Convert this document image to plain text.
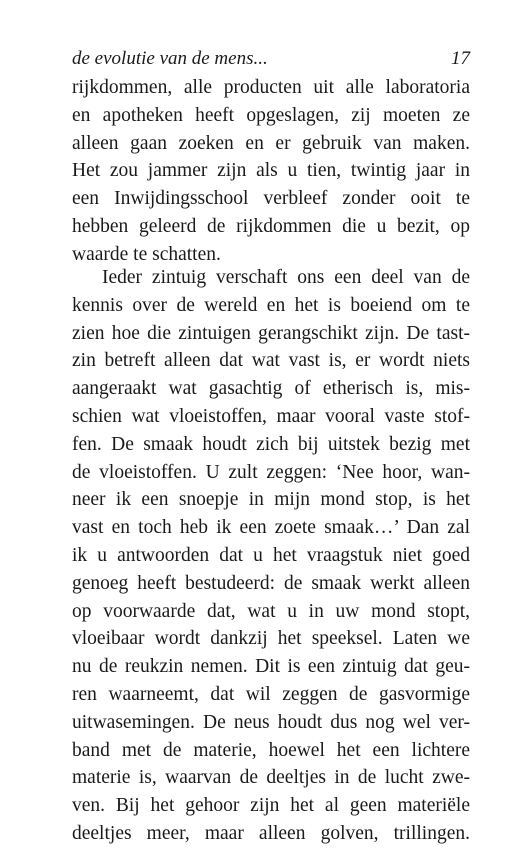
de evolutie van de mens...	17
rijkdommen, alle producten uit alle laboratoria
en apotheken heeft opgeslagen, zij moeten ze
alleen gaan zoeken en er gebruik van maken.
Het zou jammer zijn als u tien, twintig jaar in
een Inwijdingsschool verbleef zonder ooit te
hebben geleerd de rijkdommen die u bezit, op
waarde te schatten.
Ieder zintuig verschaft ons een deel van de
kennis over de wereld en het is boeiend om te
zien hoe die zintuigen gerangschikt zijn. De tast-
zin betreft alleen dat wat vast is, er wordt niets
aangeraakt wat gasachtig of etherisch is, mis-
schien wat vloeistoffen, maar vooral vaste stof-
fen. De smaak houdt zich bij uitstek bezig met
de vloeistoffen. U zult zeggen: ‘Nee hoor, wan-
neer ik een snoepje in mijn mond stop, is het
vast en toch heb ik een zoete smaak…’ Dan zal
ik u antwoorden dat u het vraagstuk niet goed
genoeg heeft bestudeerd: de smaak werkt alleen
op voorwaarde dat, wat u in uw mond stopt,
vloeibaar wordt dankzij het speeksel. Laten we
nu de reukzin nemen. Dit is een zintuig dat geu-
ren waarneemt, dat wil zeggen de gasvormige
uitwasemingen. De neus houdt dus nog wel ver-
band met de materie, hoewel het een lichtere
materie is, waarvan de deeltjes in de lucht zwe-
ven. Bij het gehoor zijn het al geen materiële
deeltjes meer, maar alleen golven, trillingen.
